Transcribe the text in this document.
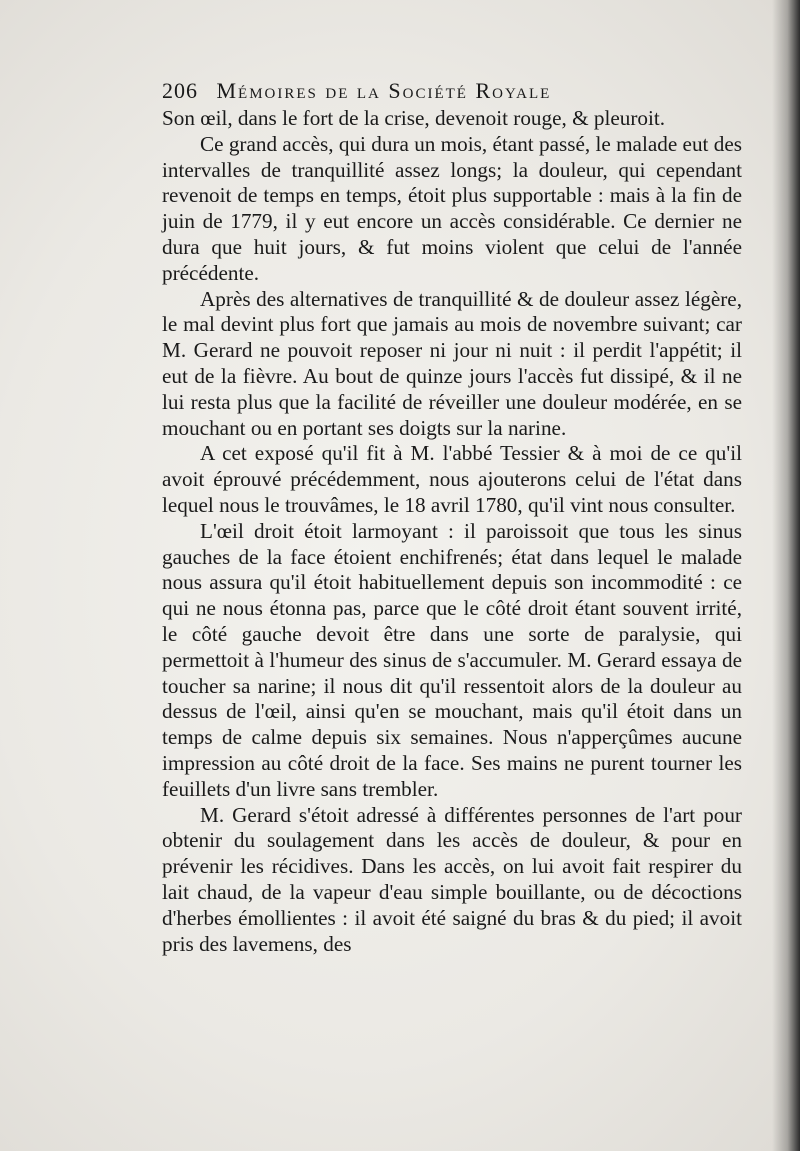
206 Mémoires de la Société Royale

Son œil, dans le fort de la crise, devenoit rouge, & pleuroit.

Ce grand accès, qui dura un mois, étant passé, le malade eut des intervalles de tranquillité assez longs; la douleur, qui cependant revenoit de temps en temps, étoit plus supportable : mais à la fin de juin de 1779, il y eut encore un accès considérable. Ce dernier ne dura que huit jours, & fut moins violent que celui de l'année précédente.

Après des alternatives de tranquillité & de douleur assez légère, le mal devint plus fort que jamais au mois de novembre suivant; car M. Gerard ne pouvoit reposer ni jour ni nuit : il perdit l'appétit; il eut de la fièvre. Au bout de quinze jours l'accès fut dissipé, & il ne lui resta plus que la facilité de réveiller une douleur modérée, en se mouchant ou en portant ses doigts sur la narine.

A cet exposé qu'il fit à M. l'abbé Tessier & à moi de ce qu'il avoit éprouvé précédemment, nous ajouterons celui de l'état dans lequel nous le trouvâmes, le 18 avril 1780, qu'il vint nous consulter.

L'œil droit étoit larmoyant : il paroissoit que tous les sinus gauches de la face étoient enchifrenés; état dans lequel le malade nous assura qu'il étoit habituellement depuis son incommodité : ce qui ne nous étonna pas, parce que le côté droit étant souvent irrité, le côté gauche devoit être dans une sorte de paralysie, qui permettoit à l'humeur des sinus de s'accumuler. M. Gerard essaya de toucher sa narine; il nous dit qu'il ressentoit alors de la douleur au dessus de l'œil, ainsi qu'en se mouchant, mais qu'il étoit dans un temps de calme depuis six semaines. Nous n'apperçûmes aucune impression au côté droit de la face. Ses mains ne purent tourner les feuillets d'un livre sans trembler.

M. Gerard s'étoit adressé à différentes personnes de l'art pour obtenir du soulagement dans les accès de douleur, & pour en prévenir les récidives. Dans les accès, on lui avoit fait respirer du lait chaud, de la vapeur d'eau simple bouillante, ou de décoctions d'herbes émollientes : il avoit été saigné du bras & du pied; il avoit pris des lavemens, des
